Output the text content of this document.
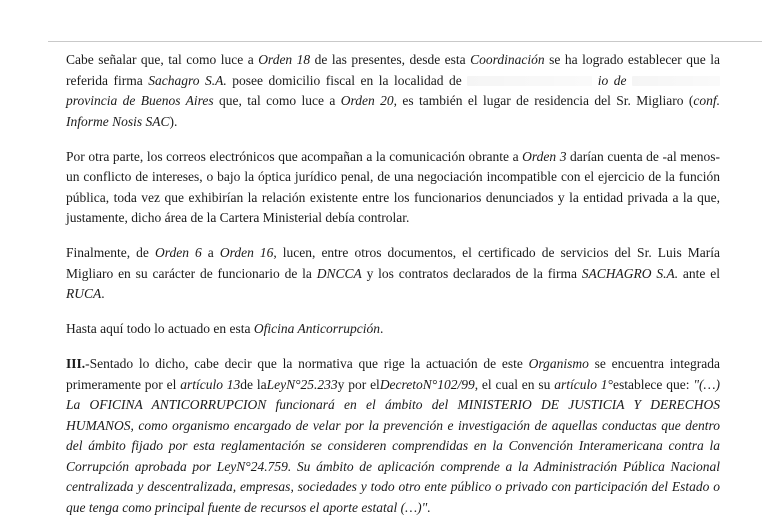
Cabe señalar que, tal como luce a Orden 18 de las presentes, desde esta Coordinación se ha logrado establecer que la referida firma Sachagro S.A. posee domicilio fiscal en la localidad de	io de  provincia de Buenos Aires que, tal como luce a Orden 20, es también el lugar de residencia del Sr. Migliaro (conf. Informe Nosis SAC).

Por otra parte, los correos electrónicos que acompañan a la comunicación obrante a Orden 3 darían cuenta de -al menos- un conflicto de intereses, o bajo la óptica jurídico penal, de una negociación incompatible con el ejercicio de la función pública, toda vez que exhibirían la relación existente entre los funcionarios denunciados y la entidad privada a la que, justamente, dicho área de la Cartera Ministerial debía controlar.

Finalmente, de Orden 6 a Orden 16, lucen, entre otros documentos, el certificado de servicios del Sr. Luis María Migliaro en su carácter de funcionario de la DNCCA y los contratos declarados de la firma SACHAGRO S.A. ante el RUCA.

Hasta aquí todo lo actuado en esta Oficina Anticorrupción.

III.-Sentado lo dicho, cabe decir que la normativa que rige la actuación de este Organismo se encuentra integrada primeramente por el artículo 13de laLeyN°25.233y por elDecretoN°102/99, el cual en su artículo 1°establece que: "(…) La OFICINA ANTICORRUPCION funcionará en el ámbito del MINISTERIO DE JUSTICIA Y DERECHOS HUMANOS, como organismo encargado de velar por la prevención e investigación de aquellas conductas que dentro del ámbito fijado por esta reglamentación se consideren comprendidas en la Convención Interamericana contra la Corrupción aprobada por LeyN°24.759. Su ámbito de aplicación comprende a la Administración Pública Nacional centralizada y descentralizada, empresas, sociedades y todo otro ente público o privado con participación del Estado o que tenga como principal fuente de recursos el aporte estatal (…)".
